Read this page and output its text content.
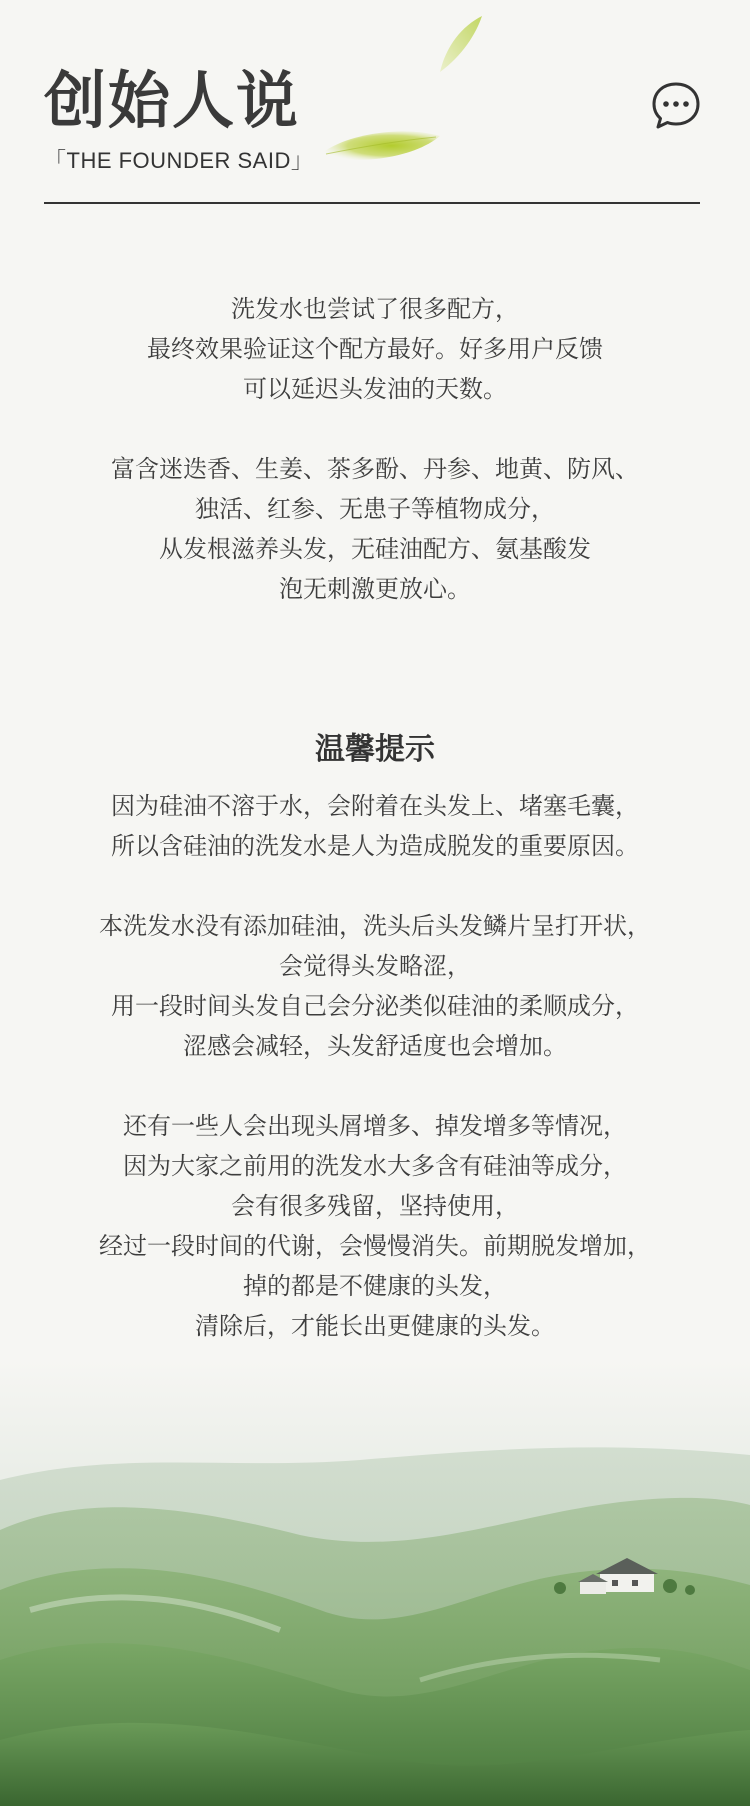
创始人说
「THE FOUNDER SAID」

洗发水也尝试了很多配方，

最终效果验证这个配方最好。好多用户反馈

可以延迟头发油的天数。

富含迷迭香、生姜、茶多酚、丹参、地黄、防风、

独活、红参、无患子等植物成分，

从发根滋养头发，无硅油配方、氨基酸发

泡无刺激更放心。

温馨提示

因为硅油不溶于水，会附着在头发上、堵塞毛囊，

所以含硅油的洗发水是人为造成脱发的重要原因。

本洗发水没有添加硅油，洗头后头发鳞片呈打开状，

会觉得头发略涩，

用一段时间头发自己会分泌类似硅油的柔顺成分，

涩感会减轻，头发舒适度也会增加。

还有一些人会出现头屑增多、掉发增多等情况，

因为大家之前用的洗发水大多含有硅油等成分，

会有很多残留，坚持使用，

经过一段时间的代谢，会慢慢消失。前期脱发增加，

掉的都是不健康的头发，

清除后，才能长出更健康的头发。
